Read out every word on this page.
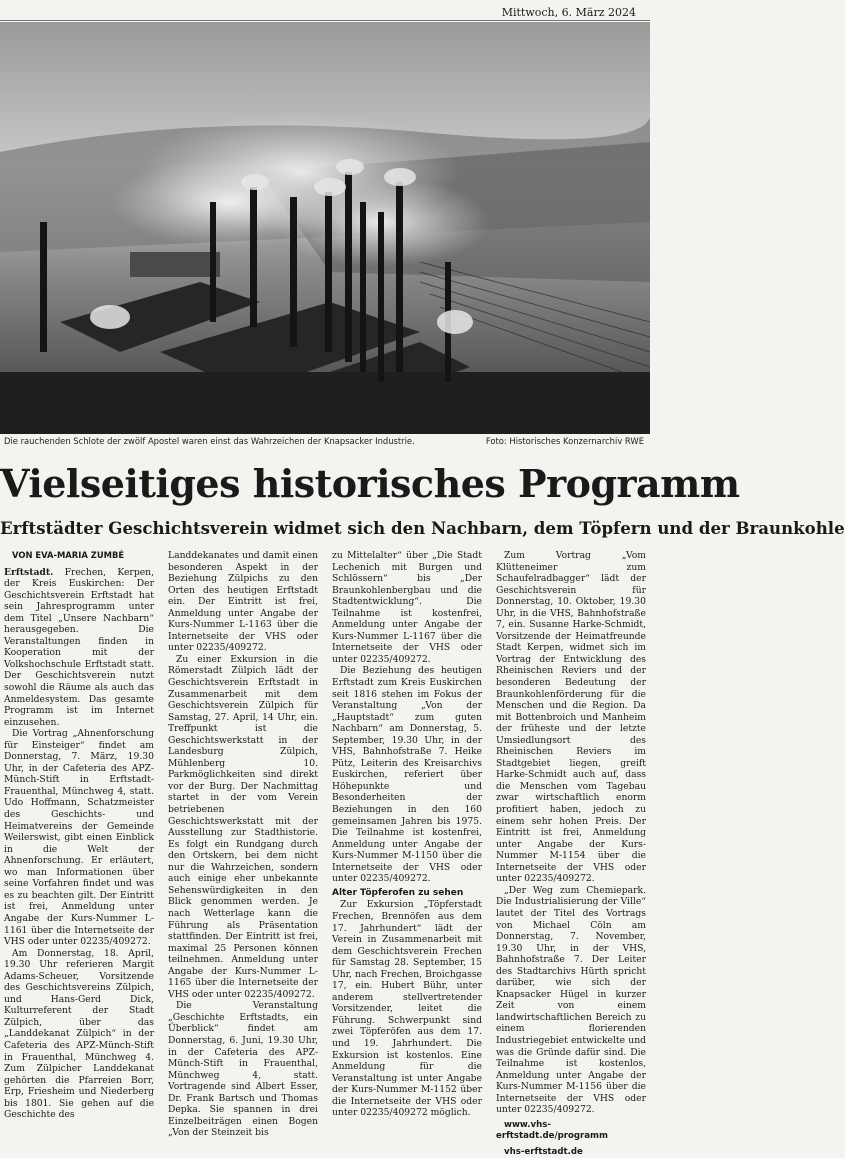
Mittwoch, 6. März 2024
Die rauchenden Schlote der zwölf Apostel waren einst das Wahrzeichen der Knapsacker Industrie.	Foto: Historisches Konzernarchiv RWE
Vielseitiges historisches Programm
Erftstädter Geschichtsverein widmet sich den Nachbarn, dem Töpfern und der Braunkohle

VON EVA-MARIA ZUMBÉ

Erftstadt. Frechen, Kerpen, der Kreis Euskirchen: Der Geschichtsverein Erftstadt hat sein Jahresprogramm unter dem Titel „Unsere Nachbarn“ herausgegeben. Die Veranstaltungen finden in Kooperation mit der Volkshochschule Erftstadt statt. Der Geschichtsverein nutzt sowohl die Räume als auch das Anmeldesystem. Das gesamte Programm ist im Internet einzusehen.

Die Vortrag „Ahnenforschung für Einsteiger“ findet am Donnerstag, 7. März, 19.30 Uhr, in der Cafeteria des APZ-Münch-Stift in Erftstadt-Frauenthal, Münchweg 4, statt. Udo Hoffmann, Schatzmeister des Geschichts- und Heimatvereins der Gemeinde Weilerswist, gibt einen Einblick in die Welt der Ahnenforschung. Er erläutert, wo man Informationen über seine Vorfahren findet und was es zu beachten gilt. Der Eintritt ist frei, Anmeldung unter Angabe der Kurs-Nummer L-1161 über die Internetseite der VHS oder unter 02235/409272.

Am Donnerstag, 18. April, 19.30 Uhr referieren Margit Adams-Scheuer, Vorsitzende des Geschichtsvereins Zülpich, und Hans-Gerd Dick, Kulturreferent der Stadt Zülpich, über das „Landdekanat Zülpich“ in der Cafeteria des APZ-Münch-Stift in Frauenthal, Münchweg 4. Zum Zülpicher Landdekanat gehörten die Pfarreien Borr, Erp, Friesheim und Niederberg bis 1801. Sie gehen auf die Geschichte des

Landdekanates und damit einen besonderen Aspekt in der Beziehung Zülpichs zu den Orten des heutigen Erftstadt ein. Der Eintritt ist frei, Anmeldung unter Angabe der Kurs-Nummer L-1163 über die Internetseite der VHS oder unter 02235/409272.

Zu einer Exkursion in die Römerstadt Zülpich lädt der Geschichtsverein Erftstadt in Zusammenarbeit mit dem Geschichtsverein Zülpich für Samstag, 27. April, 14 Uhr, ein. Treffpunkt ist die Geschichtswerkstatt in der Landesburg Zülpich, Mühlenberg 10. Parkmöglichkeiten sind direkt vor der Burg. Der Nachmittag startet in der vom Verein betriebenen Geschichtswerkstatt mit der Ausstellung zur Stadthistorie. Es folgt ein Rundgang durch den Ortskern, bei dem nicht nur die Wahrzeichen, sondern auch einige eher unbekannte Sehenswürdigkeiten in den Blick genommen werden. Je nach Wetterlage kann die Führung als Präsentation stattfinden. Der Eintritt ist frei, maximal 25 Personen können teilnehmen. Anmeldung unter Angabe der Kurs-Nummer L-1165 über die Internetseite der VHS oder unter 02235/409272.

Die Veranstaltung „Geschichte Erftstadts, ein Überblick“ findet am Donnerstag, 6. Juni, 19.30 Uhr, in der Cafeteria des APZ-Münch-Stift in Frauenthal, Münchweg 4, statt. Vortragende sind Albert Esser, Dr. Frank Bartsch und Thomas Depka. Sie spannen in drei Einzelbeiträgen einen Bogen „Von der Steinzeit bis

zu Mittelalter“ über „Die Stadt Lechenich mit Burgen und Schlössern“ bis „Der Braunkohlenbergbau und die Stadtentwicklung“. Die Teilnahme ist kostenfrei, Anmeldung unter Angabe der Kurs-Nummer L-1167 über die Internetseite der VHS oder unter 02235/409272.

Die Beziehung des heutigen Erftstadt zum Kreis Euskirchen seit 1816 stehen im Fokus der Veranstaltung „Von der „Hauptstadt“ zum guten Nachbarn“ am Donnerstag, 5. September, 19.30 Uhr, in der VHS, Bahnhofstraße 7. Heike Pütz, Leiterin des Kreisarchivs Euskirchen, referiert über Höhepunkte und Besonderheiten der Beziehungen in den 160 gemeinsamen Jahren bis 1975. Die Teilnahme ist kostenfrei, Anmeldung unter Angabe der Kurs-Nummer M-1150 über die Internetseite der VHS oder unter 02235/409272.

Alter Töpferofen zu sehen

Zur Exkursion „Töpferstadt Frechen, Brennöfen aus dem 17. Jahrhundert“ lädt der Verein in Zusammenarbeit mit dem Geschichtsverein Frechen für Samstag 28. September, 15 Uhr, nach Frechen, Broichgasse 17, ein. Hubert Bühr, unter anderem stellvertretender Vorsitzender, leitet die Führung. Schwerpunkt sind zwei Töpferöfen aus dem 17. und 19. Jahrhundert. Die Exkursion ist kostenlos. Eine Anmeldung für die Veranstaltung ist unter Angabe der Kurs-Nummer M-1152 über die Internetseite der VHS oder unter 02235/409272 möglich.

Zum Vortrag „Vom Klütteneimer zum Schaufelradbagger“ lädt der Geschichtsverein für Donnerstag, 10. Oktober, 19.30 Uhr, in die VHS, Bahnhofstraße 7, ein. Susanne Harke-Schmidt, Vorsitzende der Heimatfreunde Stadt Kerpen, widmet sich im Vortrag der Entwicklung des Rheinischen Reviers und der besonderen Bedeutung der Braunkohlenförderung für die Menschen und die Region. Da mit Bottenbroich und Manheim der früheste und der letzte Umsiedlungsort des Rheinischen Reviers im Stadtgebiet liegen, greift Harke-Schmidt auch auf, dass die Menschen vom Tagebau zwar wirtschaftlich enorm profitiert haben, jedoch zu einem sehr hohen Preis. Der Eintritt ist frei, Anmeldung unter Angabe der Kurs-Nummer M-1154 über die Internetseite der VHS oder unter 02235/409272.

„Der Weg zum Chemiepark. Die Industrialisierung der Ville“ lautet der Titel des Vortrags von Michael Cöln am Donnerstag, 7. November, 19.30 Uhr, in der VHS, Bahnhofstraße 7. Der Leiter des Stadtarchivs Hürth spricht darüber, wie sich der Knapsacker Hügel in kurzer Zeit von einem landwirtschaftlichen Bereich zu einem florierenden Industriegebiet entwickelte und was die Gründe dafür sind. Die Teilnahme ist kostenlos, Anmeldung unter Angabe der Kurs-Nummer M-1156 über die Internetseite der VHS oder unter 02235/409272.

www.vhs-erftstadt.de/programm

vhs-erftstadt.de
